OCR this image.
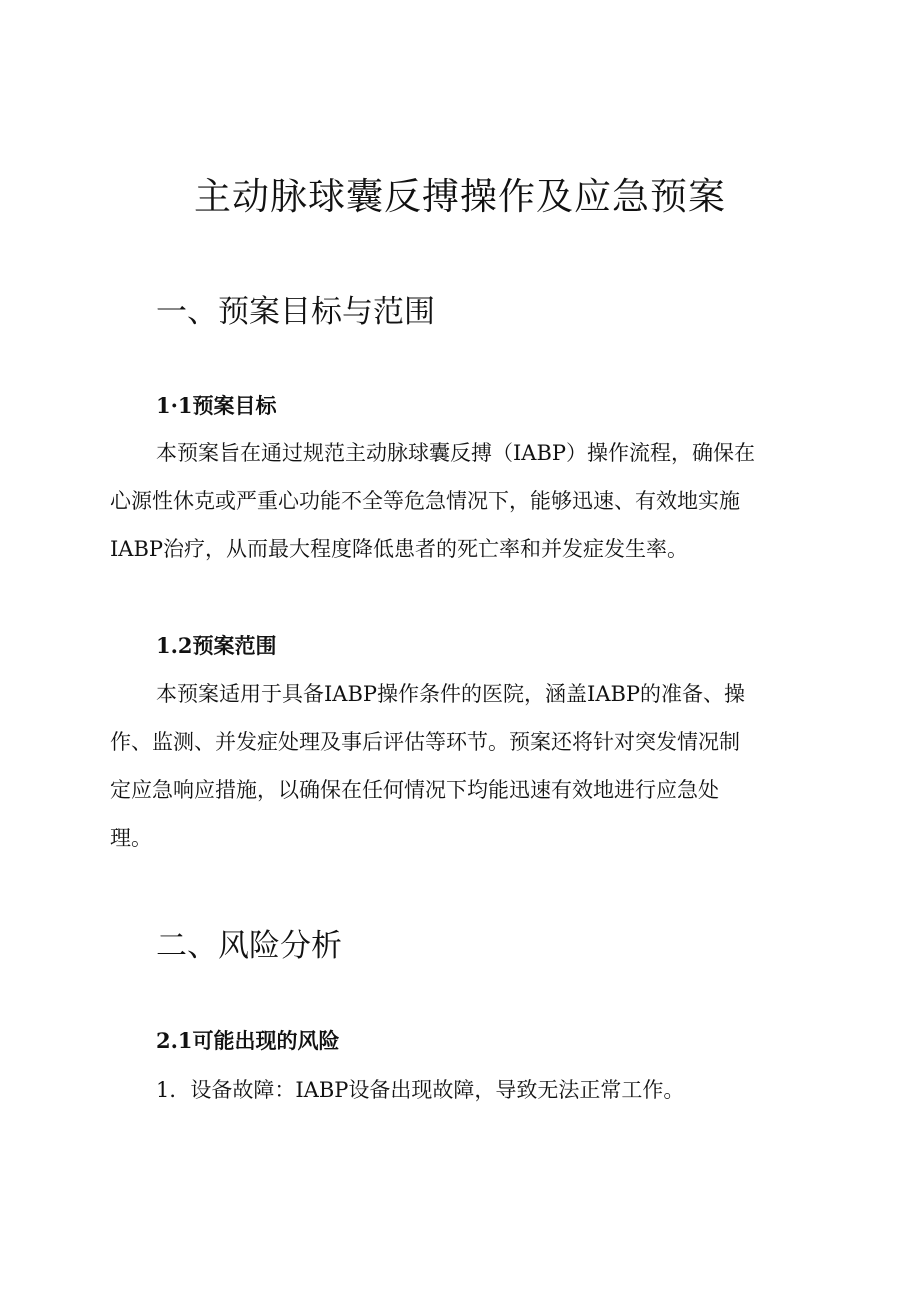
主动脉球囊反搏操作及应急预案
一、预案目标与范围
1·1预案目标

本预案旨在通过规范主动脉球囊反搏（IABP）操作流程，确保在
心源性休克或严重心功能不全等危急情况下，能够迅速、有效地实施
IABP治疗，从而最大程度降低患者的死亡率和并发症发生率。

1.2预案范围

本预案适用于具备IABP操作条件的医院，涵盖IABP的准备、操
作、监测、并发症处理及事后评估等环节。预案还将针对突发情况制
定应急响应措施，以确保在任何情况下均能迅速有效地进行应急处
理。

二、风险分析
2.1可能出现的风险

1．设备故障：IABP设备出现故障，导致无法正常工作。
